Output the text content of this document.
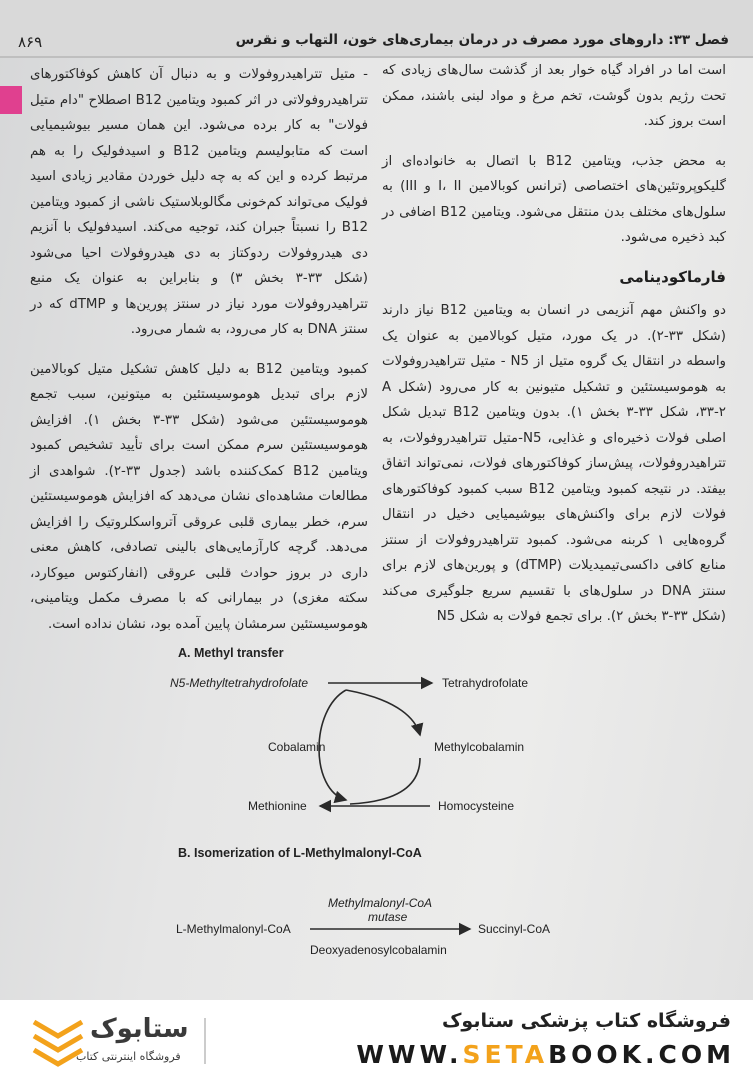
۸۶۹	فصل ۳۳: داروهای مورد مصرف در درمان بیماری‌های خون، التهاب و نقرس

است اما در افراد گیاه خوار بعد از گذشت سال‌های زیادی که تحت رژیم بدون گوشت، تخم مرغ و مواد لبنی باشند، ممکن است بروز کند.

به محض جذب، ویتامین B12 با اتصال به خانواده‌ای از گلیکوپروتئین‌های اختصاصی (ترانس کوبالامین I، II و III) به سلول‌های مختلف بدن منتقل می‌شود. ویتامین B12 اضافی در کبد ذخیره می‌شود.

فارماکودینامی

دو واکنش مهم آنزیمی در انسان به ویتامین B12 نیاز دارند (شکل ۳۳-۲). در یک مورد، متیل کوبالامین به عنوان یک واسطه در انتقال یک گروه متیل از N5 - متیل تتراهیدروفولات به هوموسیستئین و تشکیل متیونین به کار می‌رود (شکل A ۳۳-۲، شکل ۳۳-۳ بخش ۱). بدون ویتامین B12 تبدیل شکل اصلی فولات ذخیره‌ای و غذایی، N5-متیل تتراهیدروفولات، به تتراهیدروفولات، پیش‌ساز کوفاکتورهای فولات، نمی‌تواند اتفاق بیفتد. در نتیجه کمبود ویتامین B12 سبب کمبود کوفاکتورهای فولات لازم برای واکنش‌های بیوشیمیایی دخیل در انتقال گروه‌هایی ۱ کربنه می‌شود. کمبود تتراهیدروفولات از سنتز منابع کافی داکسی‌تیمیدیلات (dTMP) و پورین‌های لازم برای سنتز DNA در سلول‌های با تقسیم سریع جلوگیری می‌کند (شکل ۳۳-۳ بخش ۲). برای تجمع فولات به شکل N5

- متیل تتراهیدروفولات و به دنبال آن کاهش کوفاکتورهای تتراهیدروفولاتی در اثر کمبود ویتامین B12 اصطلاح "دام متیل فولات" به کار برده می‌شود. این همان مسیر بیوشیمیایی است که متابولیسم ویتامین B12 و اسیدفولیک را به هم مرتبط کرده و این که به چه دلیل خوردن مقادیر زیادی اسید فولیک می‌تواند کم‌خونی مگالوبلاستیک ناشی از کمبود ویتامین B12 را نسبتاً جبران کند، توجیه می‌کند. اسیدفولیک با آنزیم دی هیدروفولات ردوکتاز به دی هیدروفولات احیا می‌شود (شکل ۳۳-۳ بخش ۳) و بنابراین به عنوان یک منبع تتراهیدروفولات مورد نیاز در سنتز پورین‌ها و dTMP که در سنتز DNA به کار می‌رود، به شمار می‌رود.

کمبود ویتامین B12 به دلیل کاهش تشکیل متیل کوبالامین لازم برای تبدیل هوموسیستئین به میتونین، سبب تجمع هوموسیستئین می‌شود (شکل ۳۳-۳ بخش ۱). افزایش هوموسیستئین سرم ممکن است برای تأیید تشخیص کمبود ویتامین B12 کمک‌کننده باشد (جدول ۳۳-۲). شواهدی از مطالعات مشاهده‌ای نشان می‌دهد که افزایش هوموسیستئین سرم، خطر بیماری قلبی عروقی آترواسکلروتیک را افزایش می‌دهد. گرچه کارآزمایی‌های بالینی تصادفی، کاهش معنی داری در بروز حوادث قلبی عروقی (انفارکتوس میوکارد، سکته مغزی) در بیمارانی که با مصرف مکمل ویتامینی، هوموسیستئین سرمشان پایین آمده بود، نشان نداده است.

A. Methyl transfer
N5-Methyltetrahydrofolate	Tetrahydrofolate
Cobalamin	Methylcobalamin
Methionine	Homocysteine
B. Isomerization of L-Methylmalonyl-CoA
Methylmalonyl-CoA
mutase
L-Methylmalonyl-CoA	Succinyl-CoA
Deoxyadenosylcobalamin
ستابوک
فروشگاه اینترنتی کتاب
فروشگاه کتاب پزشکی ستابوک
WWW.SETABOOK.COM
